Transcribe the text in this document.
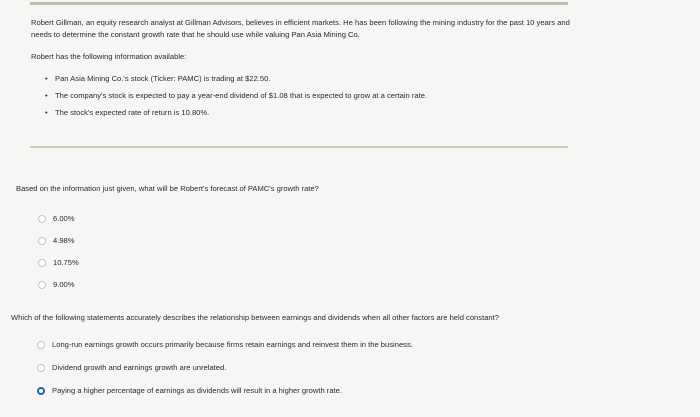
Robert Gillman, an equity research analyst at Gillman Advisors, believes in efficient markets. He has been following the mining industry for the past 10 years and needs to determine the constant growth rate that he should use while valuing Pan Asia Mining Co.

Robert has the following information available:

• Pan Asia Mining Co.'s stock (Ticker: PAMC) is trading at $22.50.
• The company's stock is expected to pay a year-end dividend of $1.08 that is expected to grow at a certain rate.
• The stock's expected rate of return is 10.80%.
Based on the information just given, what will be Robert's forecast of PAMC's growth rate?
6.00%
4.98%
10.75%
9.00%
Which of the following statements accurately describes the relationship between earnings and dividends when all other factors are held constant?
Long-run earnings growth occurs primarily because firms retain earnings and reinvest them in the business.
Dividend growth and earnings growth are unrelated.
Paying a higher percentage of earnings as dividends will result in a higher growth rate.
